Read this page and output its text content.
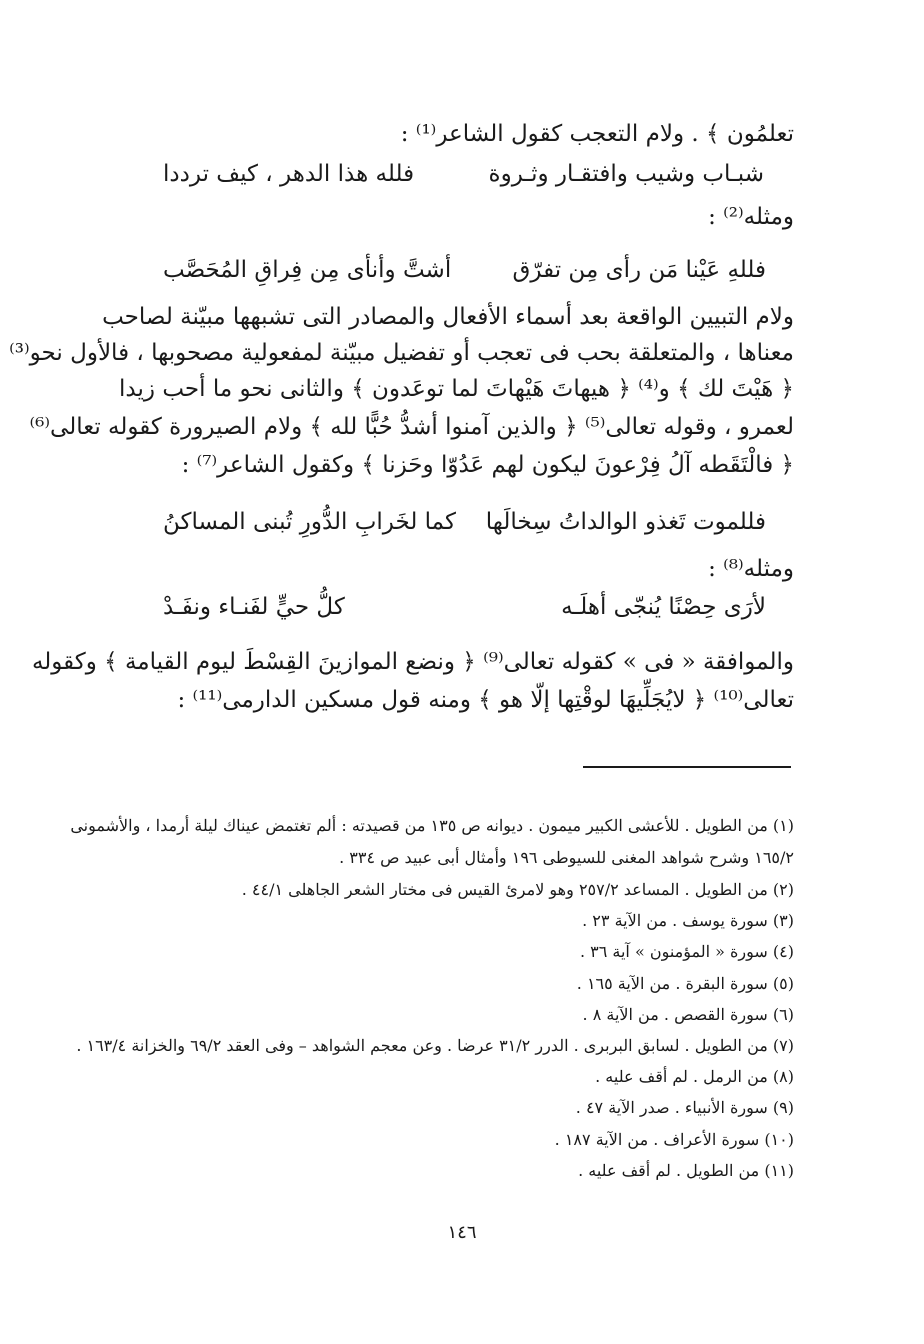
تعلمُون ﴾ . ولام التعجب كقول الشاعر⁽¹⁾ :
شبـاب وشيب وافتقـار وثـروة
فلله هذا الدهر ، كيف ترددا
ومثله⁽²⁾ :
فللهِ عَيْنا مَن رأى مِن تفرّق
أشتَّ وأنأى مِن فِراقِ المُحَصَّب
ولام التبيين الواقعة بعد أسماء الأفعال والمصادر التى تشبهها مبيّنة لصاحب
معناها ، والمتعلقة بحب فى تعجب أو تفضيل مبيّنة لمفعولية مصحوبها ، فالأول نحو⁽³⁾
﴿ هَيْتَ لك ﴾ و⁽⁴⁾ ﴿ هيهاتَ هَيْهاتَ لما توعَدون ﴾ والثانى نحو ما أحب زيدا
لعمرو ، وقوله تعالى⁽⁵⁾ ﴿ والذين آمنوا أشدُّ حُبًّا لله ﴾ ولام الصيرورة كقوله تعالى⁽⁶⁾
﴿ فالْتَقَطه آلُ فِرْعونَ ليكون لهم عَدُوّا وحَزنا ﴾ وكقول الشاعر⁽⁷⁾ :
فللموت تَغذو الوالداتُ سِخالَها
كما لخَرابِ الدُّورِ تُبنى المساكنُ
ومثله⁽⁸⁾ :
لأرَى حِصْنًا يُنجّى أهلَـه
كلُّ حيٍّ لفَنـاء ونفَـدْ
والموافقة « فى » كقوله تعالى⁽⁹⁾ ﴿ ونضع الموازينَ القِسْطَ ليوم القيامة ﴾ وكقوله
تعالى⁽¹⁰⁾ ﴿ لايُجَلِّيهَا لوقْتِها إلّا هو ﴾ ومنه قول مسكين الدارمى⁽¹¹⁾ :
(١) من الطويل . للأعشى الكبير ميمون . ديوانه ص ١٣٥ من قصيدته : ألم تغتمض عيناك ليلة أرمدا ، والأشمونى
١٦٥/٢ وشرح شواهد المغنى للسيوطى ١٩٦ وأمثال أبى عبيد ص ٣٣٤ .
(٢) من الطويل . المساعد ٢٥٧/٢ وهو لامرئ القيس فى مختار الشعر الجاهلى ٤٤/١ .
(٣) سورة يوسف . من الآية ٢٣ .
(٤) سورة « المؤمنون » آية ٣٦ .
(٥) سورة البقرة . من الآية ١٦٥ .
(٦) سورة القصص . من الآية ٨ .
(٧) من الطويل . لسابق البربرى . الدرر ٣١/٢ عرضا . وعن معجم الشواهد – وفى العقد ٦٩/٢ والخزانة ١٦٣/٤ .
(٨) من الرمل . لم أقف عليه .
(٩) سورة الأنبياء . صدر الآية ٤٧ .
(١٠) سورة الأعراف . من الآية ١٨٧ .
(١١) من الطويل . لم أقف عليه .
١٤٦
